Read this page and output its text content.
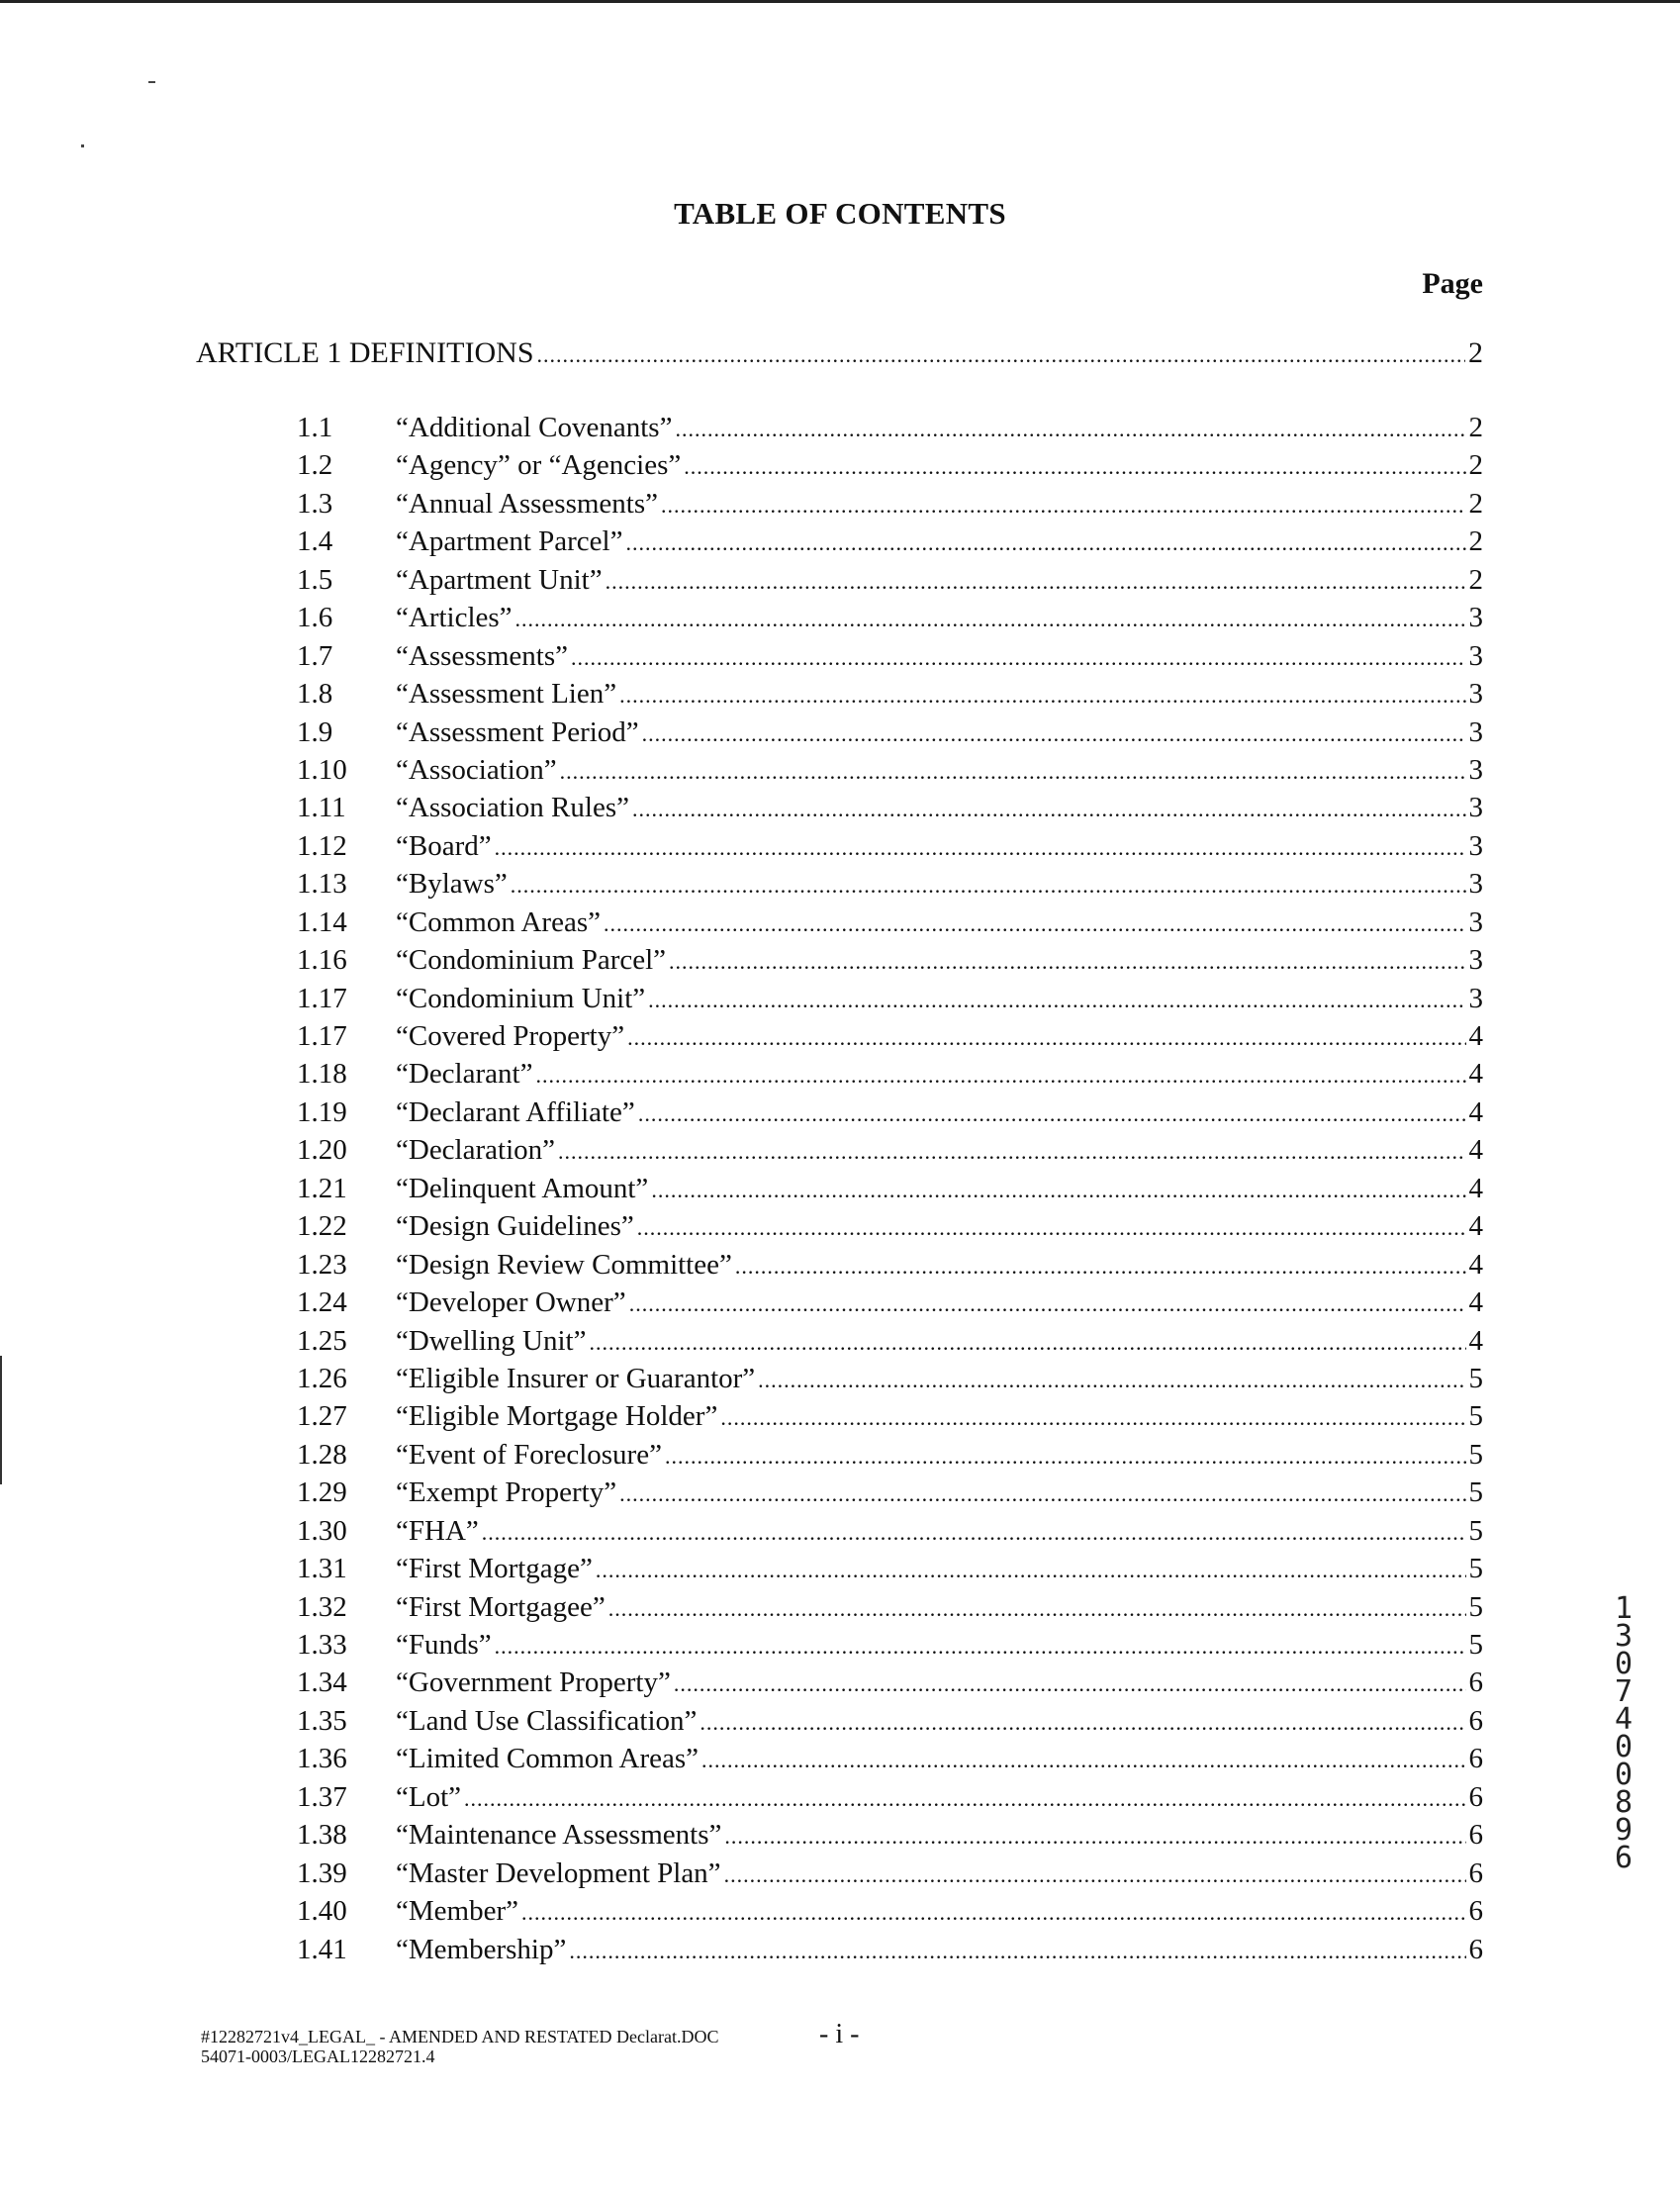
TABLE OF CONTENTS
Page
ARTICLE 1 DEFINITIONS .....	2
1.1	“Additional Covenants” .....	2
1.2	“Agency” or “Agencies” .....	2
1.3	“Annual Assessments” .....	2
1.4	“Apartment Parcel” .....	2
1.5	“Apartment Unit” .....	2
1.6	“Articles” .....	3
1.7	“Assessments” .....	3
1.8	“Assessment Lien” .....	3
1.9	“Assessment Period” .....	3
1.10	“Association” .....	3
1.11	“Association Rules” .....	3
1.12	“Board” .....	3
1.13	“Bylaws” .....	3
1.14	“Common Areas” .....	3
1.16	“Condominium Parcel” .....	3
1.17	“Condominium Unit” .....	3
1.17	“Covered Property” .....	4
1.18	“Declarant” .....	4
1.19	“Declarant Affiliate” .....	4
1.20	“Declaration” .....	4
1.21	“Delinquent Amount” .....	4
1.22	“Design Guidelines” .....	4
1.23	“Design Review Committee” .....	4
1.24	“Developer Owner” .....	4
1.25	“Dwelling Unit” .....	4
1.26	“Eligible Insurer or Guarantor” .....	5
1.27	“Eligible Mortgage Holder” .....	5
1.28	“Event of Foreclosure” .....	5
1.29	“Exempt Property” .....	5
1.30	“FHA” .....	5
1.31	“First Mortgage” .....	5
1.32	“First Mortgagee” .....	5
1.33	“Funds” .....	5
1.34	“Government Property” .....	6
1.35	“Land Use Classification” .....	6
1.36	“Limited Common Areas” .....	6
1.37	“Lot” .....	6
1.38	“Maintenance Assessments” .....	6
1.39	“Master Development Plan” .....	6
1.40	“Member” .....	6
1.41	“Membership” .....	6
#12282721v4_LEGAL_ - AMENDED AND RESTATED Declarat.DOC
54071-0003/LEGAL12282721.4
- i -
13074 00896
